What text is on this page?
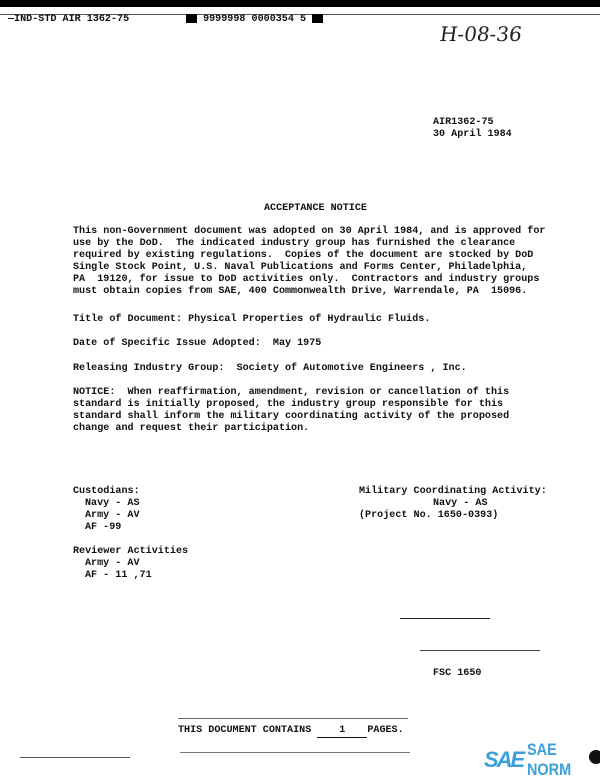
—IND-STD AIR 1362-75	9999998 0000354 5
H-08-36
AIR1362-75
30 April 1984
ACCEPTANCE NOTICE
This non-Government document was adopted on 30 April 1984, and is approved for
use by the DoD.  The indicated industry group has furnished the clearance
required by existing regulations.  Copies of the document are stocked by DoD
Single Stock Point, U.S. Naval Publications and Forms Center, Philadelphia,
PA  19120, for issue to DoD activities only.  Contractors and industry groups
must obtain copies from SAE, 400 Commonwealth Drive, Warrendale, PA  15096.
Title of Document: Physical Properties of Hydraulic Fluids.
Date of Specific Issue Adopted:  May 1975
Releasing Industry Group:  Society of Automotive Engineers , Inc.
NOTICE:  When reaffirmation, amendment, revision or cancellation of this
standard is initially proposed, the industry group responsible for this
standard shall inform the military coordinating activity of the proposed
change and request their participation.
Custodians:
Navy - AS
Army - AV
AF -99
Reviewer Activities
Army - AV
AF - 11 ,71
Military Coordinating Activity:
Navy - AS
(Project No. 1650-0393)
FSC 1650
THIS DOCUMENT CONTAINS	1 PAGES.
SAE SAE NORM
